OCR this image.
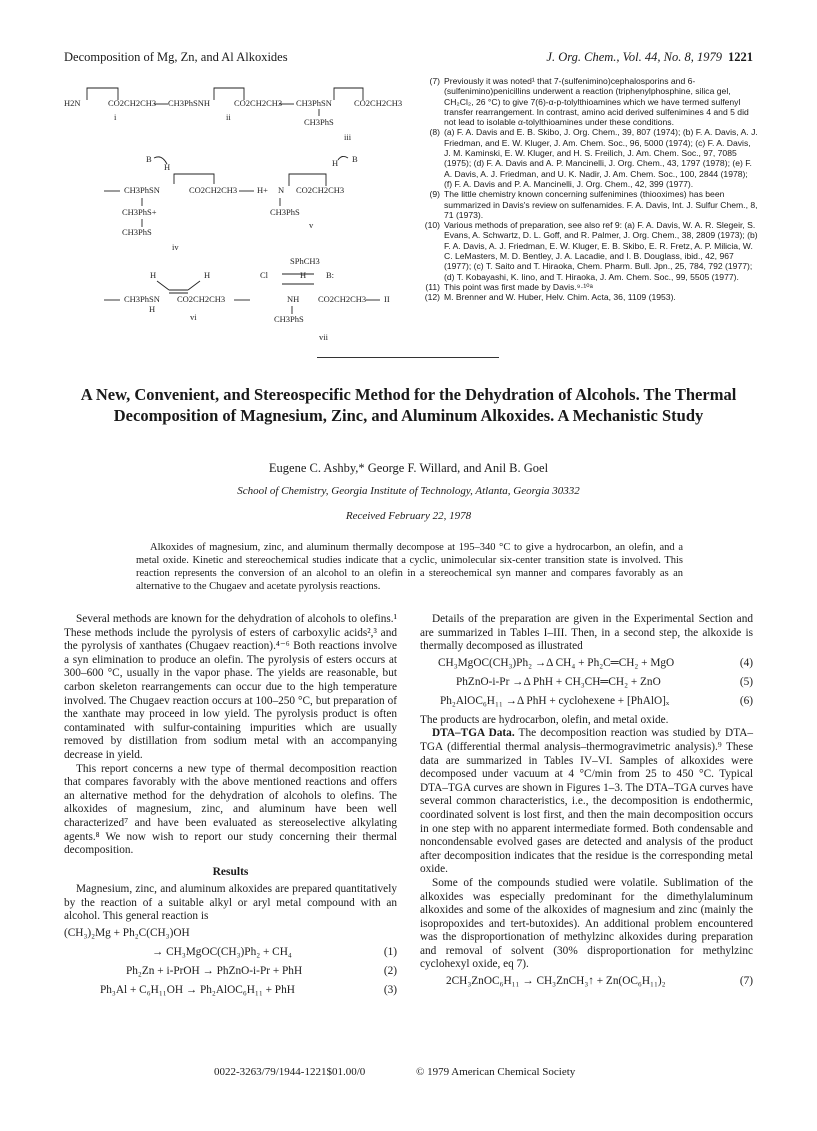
Decomposition of Mg, Zn, and Al Alkoxides	J. Org. Chem., Vol. 44, No. 8, 1979 1221
H2N	CO2CH2CH3 CH3PhSNH	CO2CH2CH3 CH3PhSN	CO2CH2CH3
CH3PhS
i	ii
iii
B
H
CH3PhSN	CO2CH2CH3 H+ N CO2CH2CH3
B
H
CH3PhS+	CH3PhS
CH3PhS
iv
v
H	H
CH3PhSN
H
CO2CH2CH3
SPhCH3
Cl	H B:
NH CO2CH2CH3 II
CH3PhS
vi
vii

(7) Previously it was noted¹ that 7-(sulfenimino)cephalosporins and 6-(sulfenimino)penicillins underwent a reaction (triphenylphosphine, silica gel, CH₂Cl₂, 26 °C) to give 7(6)-α-p-tolylthioamines which we have termed sulfenyl transfer rearrangement. In contrast, amino acid derived sulfenimines 4 and 5 did not lead to isolable α-tolylthioamines under these conditions.

(8) (a) F. A. Davis and E. B. Skibo, J. Org. Chem., 39, 807 (1974); (b) F. A. Davis, A. J. Friedman, and E. W. Kluger, J. Am. Chem. Soc., 96, 5000 (1974); (c) F. A. Davis, J. M. Kaminski, E. W. Kluger, and H. S. Freilich, J. Am. Chem. Soc., 97, 7085 (1975); (d) F. A. Davis and A. P. Mancinelli, J. Org. Chem., 43, 1797 (1978); (e) F. A. Davis, A. J. Friedman, and U. K. Nadir, J. Am. Chem. Soc., 100, 2844 (1978); (f) F. A. Davis and P. A. Mancinelli, J. Org. Chem., 42, 399 (1977).

(9) The little chemistry known concerning sulfenimines (thiooximes) has been summarized in Davis's review on sulfenamides. F. A. Davis, Int. J. Sulfur Chem., 8, 71 (1973).

(10) Various methods of preparation, see also ref 9: (a) F. A. Davis, W. A. R. Slegeir, S. Evans, A. Schwartz, D. L. Goff, and R. Palmer, J. Org. Chem., 38, 2809 (1973); (b) F. A. Davis, A. J. Friedman, E. W. Kluger, E. B. Skibo, E. R. Fretz, A. P. Milicia, W. C. LeMasters, M. D. Bentley, J. A. Lacadie, and I. B. Douglass, ibid., 42, 967 (1977); (c) T. Saito and T. Hiraoka, Chem. Pharm. Bull. Jpn., 25, 784, 792 (1977); (d) T. Kobayashi, K. Iino, and T. Hiraoka, J. Am. Chem. Soc., 99, 5505 (1977).

(11) This point was first made by Davis.⁹·¹⁰ᵃ

(12) M. Brenner and W. Huber, Helv. Chim. Acta, 36, 1109 (1953).

A New, Convenient, and Stereospecific Method for the Dehydration of Alcohols. The Thermal Decomposition of Magnesium, Zinc, and Aluminum Alkoxides. A Mechanistic Study
Eugene C. Ashby,* George F. Willard, and Anil B. Goel
School of Chemistry, Georgia Institute of Technology, Atlanta, Georgia 30332
Received February 22, 1978
Alkoxides of magnesium, zinc, and aluminum thermally decompose at 195–340 °C to give a hydrocarbon, an olefin, and a metal oxide. Kinetic and stereochemical studies indicate that a cyclic, unimolecular six-center transition state is involved. This reaction represents the conversion of an alcohol to an olefin in a stereochemical syn manner and compares favorably as an alternative to the Chugaev and acetate pyrolysis reactions.

Several methods are known for the dehydration of alcohols to olefins.¹ These methods include the pyrolysis of esters of carboxylic acids²,³ and the pyrolysis of xanthates (Chugaev reaction).⁴⁻⁶ Both reactions involve a syn elimination to produce an olefin. The pyrolysis of esters occurs at 300–600 °C, usually in the vapor phase. The yields are reasonable, but carbon skeleton rearrangements can occur due to the high temperature involved. The Chugaev reaction occurs at 100–250 °C, but preparation of the xanthate may proceed in low yield. The pyrolysis product is often contaminated with sulfur-containing impurities which are usually removed by distillation from sodium metal with an accompanying decrease in yield.

This report concerns a new type of thermal decomposition reaction that compares favorably with the above mentioned reactions and offers an alternative method for the dehydration of alcohols to olefins. The alkoxides of magnesium, zinc, and aluminum have been well characterized⁷ and have been evaluated as stereoselective alkylating agents.⁸ We now wish to report our study concerning their thermal decomposition.

Results

Magnesium, zinc, and aluminum alkoxides are prepared quantitatively by the reaction of a suitable alkyl or aryl metal compound with an alcohol. This general reaction is

(CH₃)₂Mg + Ph₂C(CH₃)OH
→ CH₃MgOC(CH₃)Ph₂ + CH₄	(1)
Ph₂Zn + i-PrOH → PhZnO-i-Pr + PhH	(2)
Ph₃Al + C₆H₁₁OH → Ph₂AlOC₆H₁₁ + PhH	(3)

Details of the preparation are given in the Experimental Section and are summarized in Tables I–III. Then, in a second step, the alkoxide is thermally decomposed as illustrated

CH₃MgOC(CH₃)Ph₂ →Δ CH₄ + Ph₂C═CH₂ + MgO	(4)
PhZnO-i-Pr →Δ PhH + CH₃CH═CH₂ + ZnO	(5)
Ph₂AlOC₆H₁₁ →Δ PhH + cyclohexene + [PhAlO]ₓ	(6)

The products are hydrocarbon, olefin, and metal oxide.

DTA–TGA Data. The decomposition reaction was studied by DTA–TGA (differential thermal analysis–thermogravimetric analysis).⁹ These data are summarized in Tables IV–VI. Samples of alkoxides were decomposed under vacuum at 4 °C/min from 25 to 450 °C. Typical DTA–TGA curves are shown in Figures 1–3. The DTA–TGA curves have several common characteristics, i.e., the decomposition is endothermic, coordinated solvent is lost first, and then the main decomposition occurs in one step with no apparent intermediate formed. Both condensable and noncondensable evolved gases are detected and analysis of the product after decomposition indicates that the residue is the corresponding metal oxide.

Some of the compounds studied were volatile. Sublimation of the alkoxides was especially predominant for the dimethylaluminum alkoxides and some of the alkoxides of magnesium and zinc (mainly the isopropoxides and tert-butoxides). An additional problem encountered was the disproportionation of methylzinc alkoxides during preparation and removal of solvent (30% disproportionation for methylzinc cyclohexyl oxide, eq 7).

2CH₃ZnOC₆H₁₁ → CH₃ZnCH₃↑ + Zn(OC₆H₁₁)₂	(7)
0022-3263/79/1944-1221$01.00/0	© 1979 American Chemical Society
